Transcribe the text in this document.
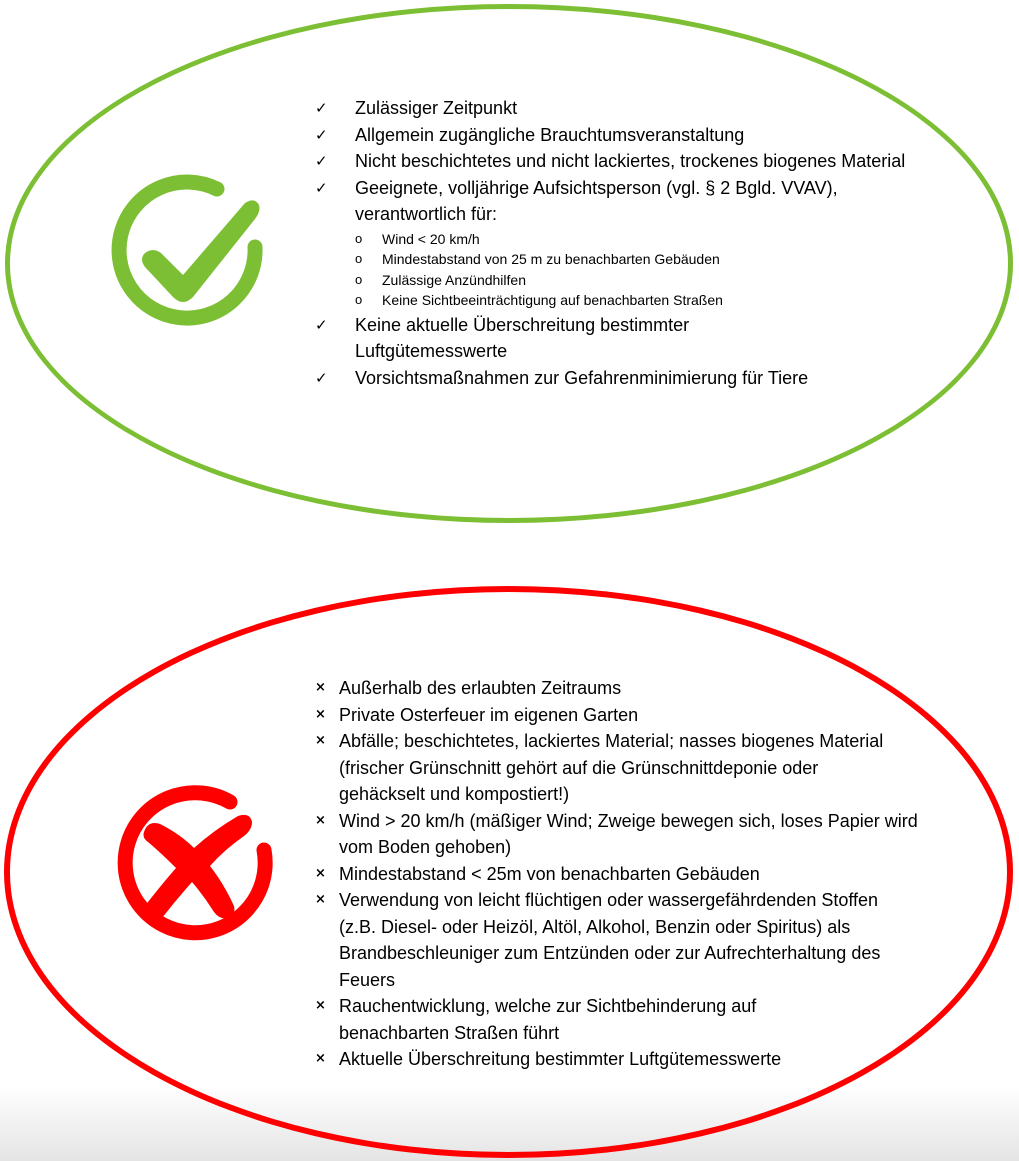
✓	Zulässiger Zeitpunkt
✓	Allgemein zugängliche Brauchtumsveranstaltung
✓	Nicht beschichtetes und nicht lackiertes, trockenes biogenes Material
✓	Geeignete, volljährige Aufsichtsperson (vgl. § 2 Bgld. VVAV), verantwortlich für:
o Wind < 20 km/h
o Mindestabstand von 25 m zu benachbarten Gebäuden
o Zulässige Anzündhilfen
o Keine Sichtbeeinträchtigung auf benachbarten Straßen
✓	Keine aktuelle Überschreitung bestimmter Luftgütemesswerte
✓	Vorsichtsmaßnahmen zur Gefahrenminimierung für Tiere
× Außerhalb des erlaubten Zeitraums
× Private Osterfeuer im eigenen Garten
× Abfälle; beschichtetes, lackiertes Material; nasses biogenes Material (frischer Grünschnitt gehört auf die Grünschnittdeponie oder gehäckselt und kompostiert!)
× Wind > 20 km/h (mäßiger Wind; Zweige bewegen sich, loses Papier wird vom Boden gehoben)
× Mindestabstand < 25m von benachbarten Gebäuden
× Verwendung von leicht flüchtigen oder wassergefährdenden Stoffen (z.B. Diesel- oder Heizöl, Altöl, Alkohol, Benzin oder Spiritus) als Brandbeschleuniger zum Entzünden oder zur Aufrechterhaltung des Feuers
× Rauchentwicklung, welche zur Sichtbehinderung auf benachbarten Straßen führt
× Aktuelle Überschreitung bestimmter Luftgütemesswerte
